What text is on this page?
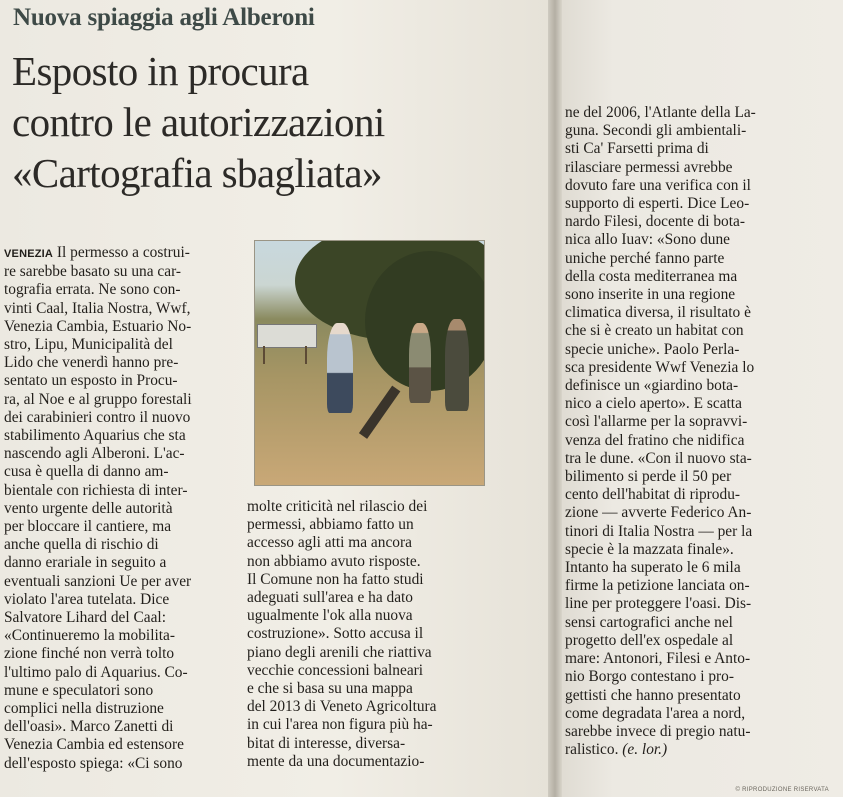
Nuova spiaggia agli Alberoni
Esposto in procura
contro le autorizzazioni
«Cartografia sbagliata»
VENEZIA Il permesso a costrui-
re sarebbe basato su una car-
tografia errata. Ne sono con-
vinti Caal, Italia Nostra, Wwf,
Venezia Cambia, Estuario No-
stro, Lipu, Municipalità del
Lido che venerdì hanno pre-
sentato un esposto in Procu-
ra, al Noe e al gruppo forestali
dei carabinieri contro il nuovo
stabilimento Aquarius che sta
nascendo agli Alberoni. L'ac-
cusa è quella di danno am-
bientale con richiesta di inter-
vento urgente delle autorità
per bloccare il cantiere, ma
anche quella di rischio di
danno erariale in seguito a
eventuali sanzioni Ue per aver
violato l'area tutelata. Dice
Salvatore Lihard del Caal:
«Continueremo la mobilita-
zione finché non verrà tolto
l'ultimo palo di Aquarius. Co-
mune e speculatori sono
complici nella distruzione
dell'oasi». Marco Zanetti di
Venezia Cambia ed estensore
dell'esposto spiega: «Ci sono
molte criticità nel rilascio dei
permessi, abbiamo fatto un
accesso agli atti ma ancora
non abbiamo avuto risposte.
Il Comune non ha fatto studi
adeguati sull'area e ha dato
ugualmente l'ok alla nuova
costruzione». Sotto accusa il
piano degli arenili che riattiva
vecchie concessioni balneari
e che si basa su una mappa
del 2013 di Veneto Agricoltura
in cui l'area non figura più ha-
bitat di interesse, diversa-
mente da una documentazio-
ne del 2006, l'Atlante della La-
guna. Secondi gli ambientali-
sti Ca' Farsetti prima di
rilasciare permessi avrebbe
dovuto fare una verifica con il
supporto di esperti. Dice Leo-
nardo Filesi, docente di bota-
nica allo Iuav: «Sono dune
uniche perché fanno parte
della costa mediterranea ma
sono inserite in una regione
climatica diversa, il risultato è
che si è creato un habitat con
specie uniche». Paolo Perla-
sca presidente Wwf Venezia lo
definisce un «giardino bota-
nico a cielo aperto». E scatta
così l'allarme per la sopravvi-
venza del fratino che nidifica
tra le dune. «Con il nuovo sta-
bilimento si perde il 50 per
cento dell'habitat di riprodu-
zione — avverte Federico An-
tinori di Italia Nostra — per la
specie è la mazzata finale».
Intanto ha superato le 6 mila
firme la petizione lanciata on-
line per proteggere l'oasi. Dis-
sensi cartografici anche nel
progetto dell'ex ospedale al
mare: Antonori, Filesi e Anto-
nio Borgo contestano i pro-
gettisti che hanno presentato
come degradata l'area a nord,
sarebbe invece di pregio natu-
ralistico. (e. lor.)
© RIPRODUZIONE RISERVATA
